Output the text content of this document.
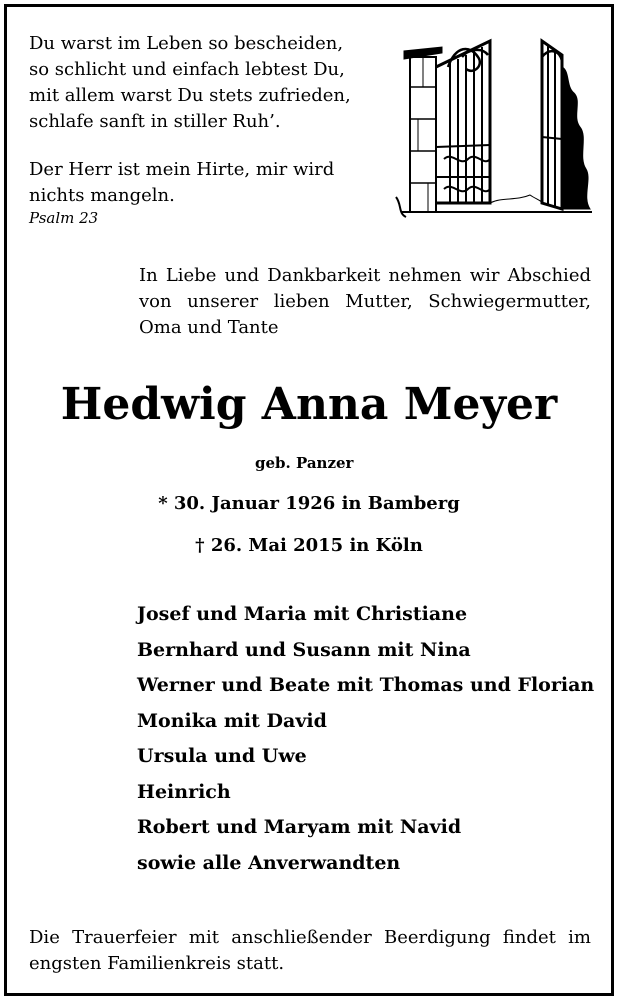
Du warst im Leben so bescheiden,
so schlicht und einfach lebtest Du,
mit allem warst Du stets zufrieden,
schlafe sanft in stiller Ruh’.
Der Herr ist mein Hirte, mir wird
nichts mangeln.
Psalm 23
In Liebe und Dankbarkeit nehmen wir Abschied
von unserer lieben Mutter, Schwiegermutter,
Oma und Tante
Hedwig Anna Meyer
geb. Panzer
* 30. Januar 1926 in Bamberg
† 26. Mai 2015 in Köln
Josef und Maria mit Christiane
Bernhard und Susann mit Nina
Werner und Beate mit Thomas und Florian
Monika mit David
Ursula und Uwe
Heinrich
Robert und Maryam mit Navid
sowie alle Anverwandten
Die Trauerfeier mit anschließender Beerdigung findet im
engsten Familienkreis statt.
